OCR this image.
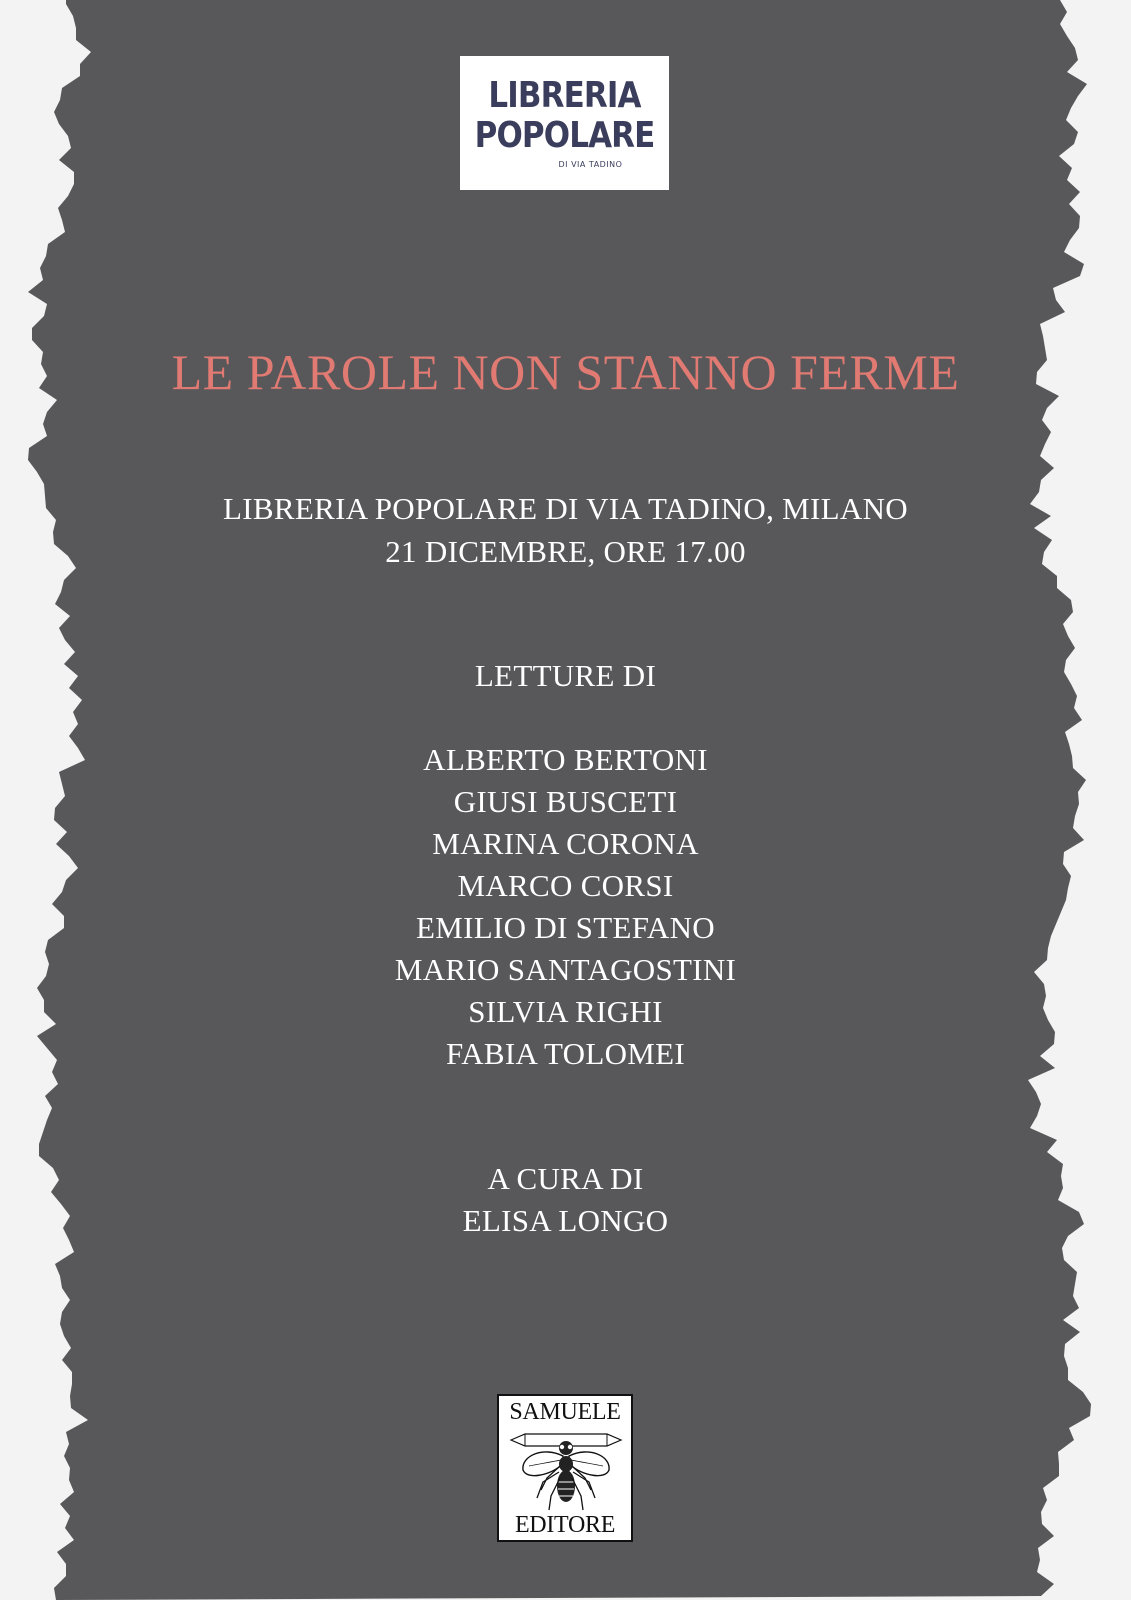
LIBRERIA
POPOLARE
DI VIA TADINO
LE PAROLE NON STANNO FERME
LIBRERIA POPOLARE DI VIA TADINO, MILANO
21 DICEMBRE, ORE 17.00
LETTURE DI
ALBERTO BERTONI
GIUSI BUSCETI
MARINA CORONA
MARCO CORSI
EMILIO DI STEFANO
MARIO SANTAGOSTINI
SILVIA RIGHI
FABIA TOLOMEI
A CURA DI
ELISA LONGO
SAMUELE
EDITORE
